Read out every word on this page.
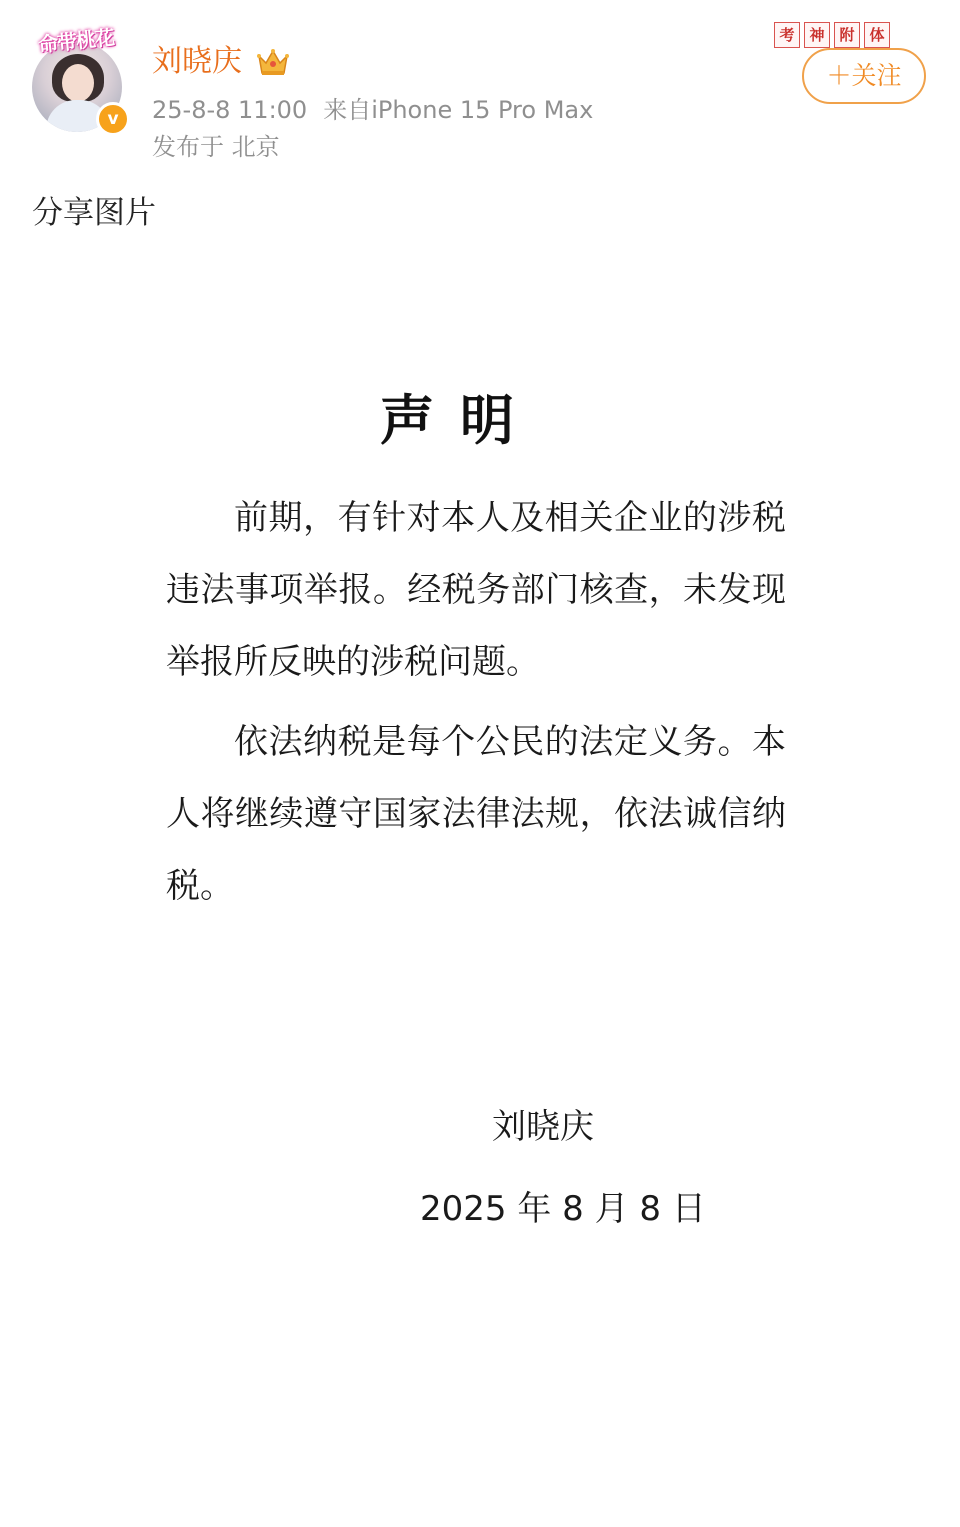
命带桃花
v
刘晓庆
25-8-8 11:00 来自iPhone 15 Pro Max
发布于 北京
考 神 附 体
＋关注
分享图片
声明

前期，有针对本人及相关企业的涉税违法事项举报。经税务部门核查，未发现举报所反映的涉税问题。

依法纳税是每个公民的法定义务。本人将继续遵守国家法律法规，依法诚信纳税。

刘晓庆
2025 年 8 月 8 日
